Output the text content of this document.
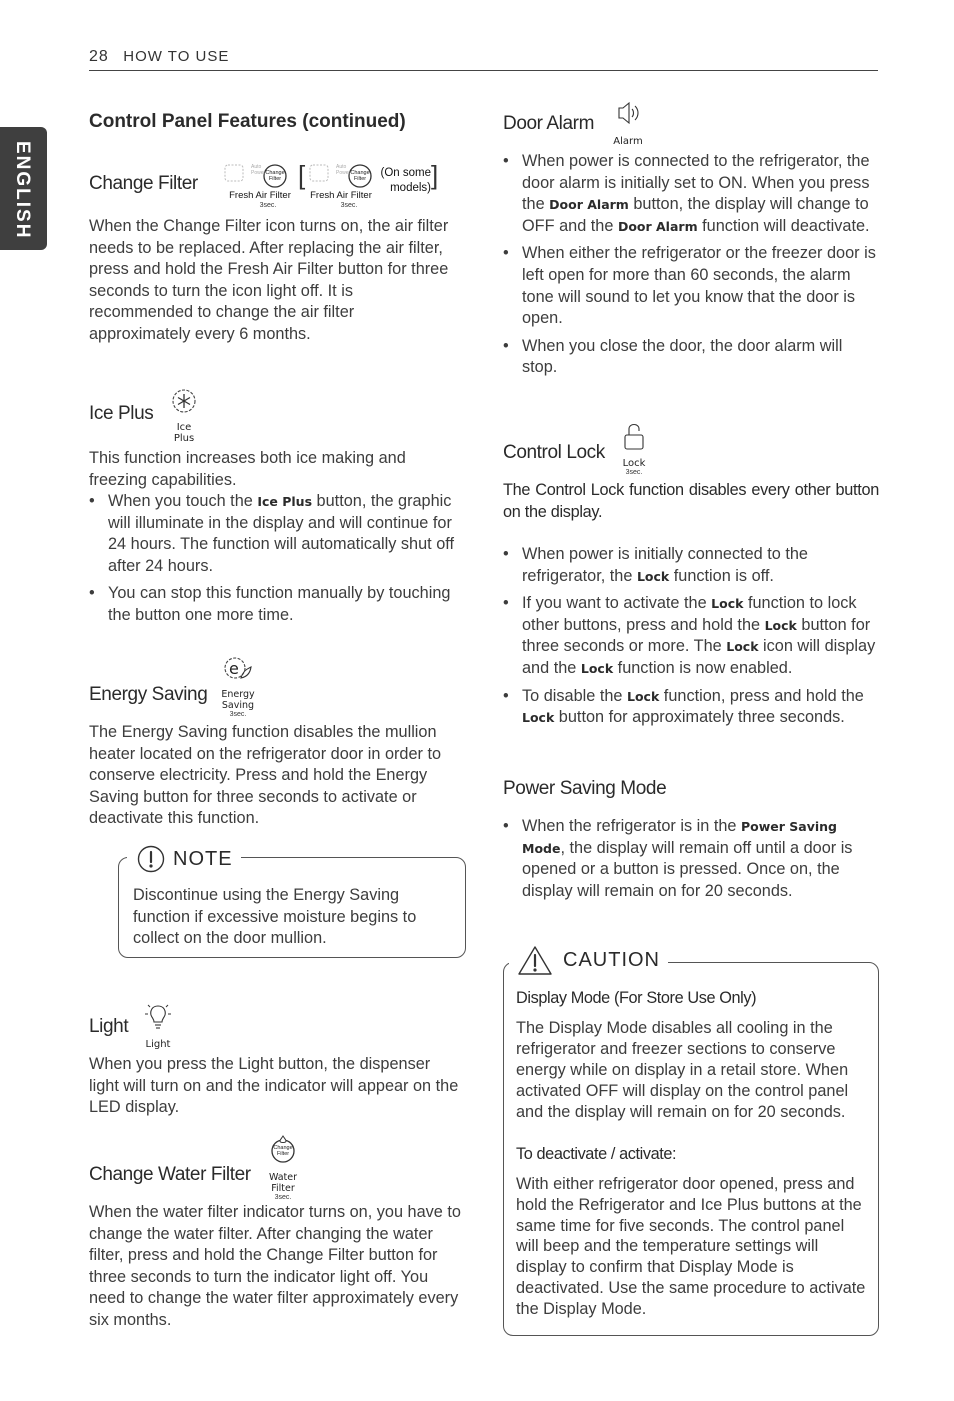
28 HOW TO USE
ENGLISH
Control Panel Features (continued)
Change Filter
Auto
Power Change Filter
Fresh Air Filter
3sec.
[	Auto
Power Change Filter
Fresh Air Filter
3sec.
(On some
models) ]

When the Change Filter icon turns on, the air filter needs to be replaced. After replacing the air filter, press and hold the Fresh Air Filter button for three seconds to turn the icon light off. It is recommended to change the air filter approximately every 6 months.

Ice Plus
Ice
Plus

This function increases both ice making and freezing capabilities.

• When you touch the Ice Plus button, the graphic will illuminate in the display and will continue for 24 hours. The function will automatically shut off after 24 hours.
• You can stop this function manually by touching the button one more time.
Energy Saving
e
Energy
Saving
3sec.

The Energy Saving function disables the mullion heater located on the refrigerator door in order to conserve electricity. Press and hold the Energy Saving button for three seconds to activate or deactivate this function.

NOTE

Discontinue using the Energy Saving function if excessive moisture begins to collect on the door mullion.

Light
Light

When you press the Light button, the dispenser light will turn on and the indicator will appear on the LED display.

Change Water Filter
Change Filter
Water
Filter
3sec.

When the water filter indicator turns on, you have to change the water filter. After changing the water filter, press and hold the Change Filter button for three seconds to turn the indicator light off. You need to change the water filter approximately every six months.

Door Alarm
Alarm
• When power is connected to the refrigerator, the door alarm is initially set to ON. When you press the Door Alarm button, the display will change to OFF and the Door Alarm function will deactivate.
• When either the refrigerator or the freezer door is left open for more than 60 seconds, the alarm tone will sound to let you know that the door is open.
• When you close the door, the door alarm will stop.
Control Lock
Lock
3sec.

The Control Lock function disables every other button on the display.

• When power is initially connected to the refrigerator, the Lock function is off.
• If you want to activate the Lock function to lock other buttons, press and hold the Lock button for three seconds or more. The Lock icon will display and the Lock function is now enabled.
• To disable the Lock function, press and hold the Lock button for approximately three seconds.
Power Saving Mode
• When the refrigerator is in the Power Saving Mode, the display will remain off until a door is opened or a button is pressed. Once on, the display will remain on for 20 seconds.
CAUTION
Display Mode (For Store Use Only)

The Display Mode disables all cooling in the refrigerator and freezer sections to conserve energy while on display in a retail store. When activated OFF will display on the control panel and the display will remain on for 20 seconds.

To deactivate / activate:

With either refrigerator door opened, press and hold the Refrigerator and Ice Plus buttons at the same time for five seconds. The control panel will beep and the temperature settings will display to confirm that Display Mode is deactivated. Use the same procedure to activate the Display Mode.
